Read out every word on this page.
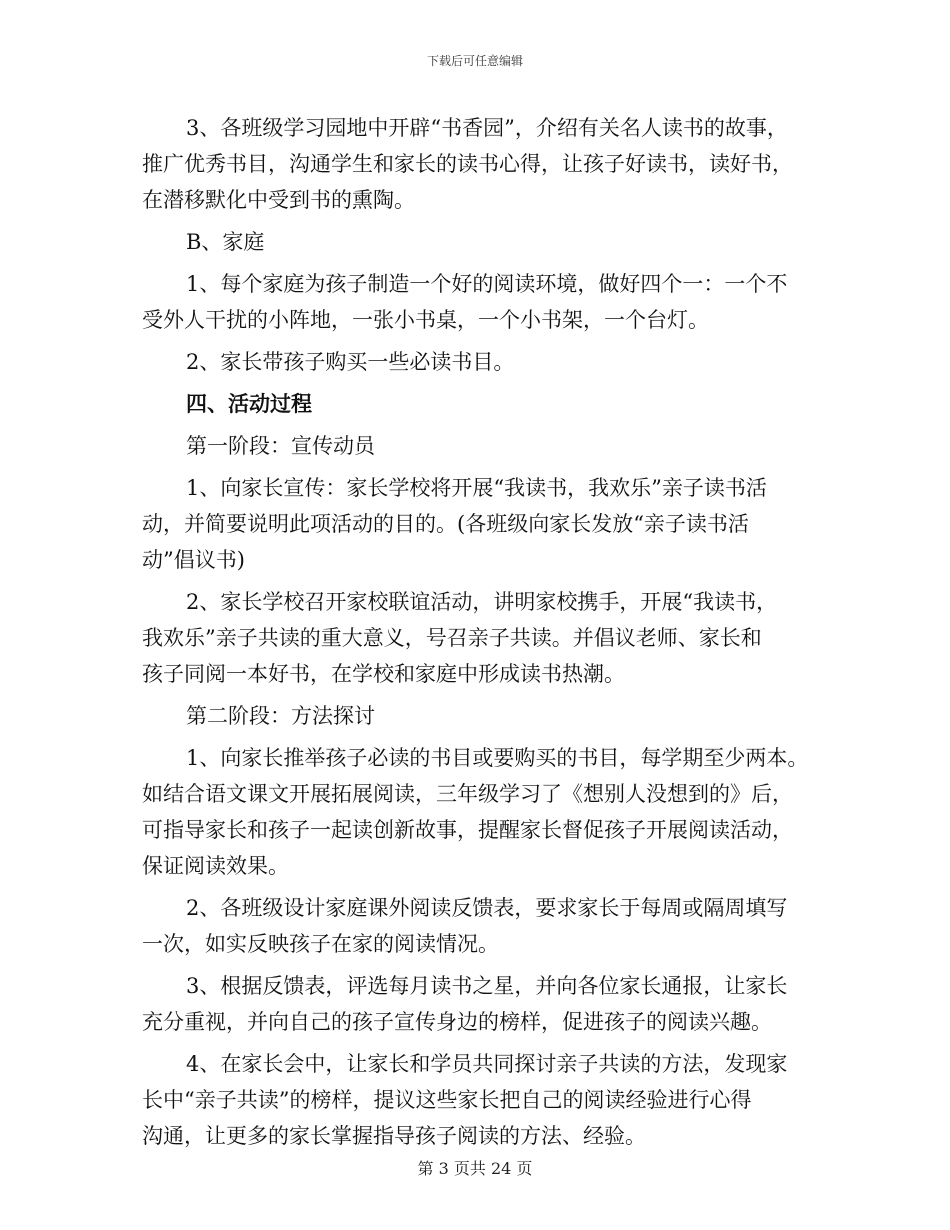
下载后可任意编辑
3、各班级学习园地中开辟“书香园”，介绍有关名人读书的故事，
推广优秀书目，沟通学生和家长的读书心得，让孩子好读书，读好书，
在潜移默化中受到书的熏陶。
B、家庭
1、每个家庭为孩子制造一个好的阅读环境，做好四个一：一个不
受外人干扰的小阵地，一张小书桌，一个小书架，一个台灯。
2、家长带孩子购买一些必读书目。
四、活动过程
第一阶段：宣传动员
1、向家长宣传：家长学校将开展“我读书，我欢乐”亲子读书活
动，并简要说明此项活动的目的。(各班级向家长发放“亲子读书活
动”倡议书)
2、家长学校召开家校联谊活动，讲明家校携手，开展“我读书，
我欢乐”亲子共读的重大意义，号召亲子共读。并倡议老师、家长和
孩子同阅一本好书，在学校和家庭中形成读书热潮。
第二阶段：方法探讨
1、向家长推举孩子必读的书目或要购买的书目，每学期至少两本。
如结合语文课文开展拓展阅读，三年级学习了《想别人没想到的》后，
可指导家长和孩子一起读创新故事，提醒家长督促孩子开展阅读活动，
保证阅读效果。
2、各班级设计家庭课外阅读反馈表，要求家长于每周或隔周填写
一次，如实反映孩子在家的阅读情况。
3、根据反馈表，评选每月读书之星，并向各位家长通报，让家长
充分重视，并向自己的孩子宣传身边的榜样，促进孩子的阅读兴趣。
4、在家长会中，让家长和学员共同探讨亲子共读的方法，发现家
长中“亲子共读”的榜样，提议这些家长把自己的阅读经验进行心得
沟通，让更多的家长掌握指导孩子阅读的方法、经验。
第 3 页共 24 页
